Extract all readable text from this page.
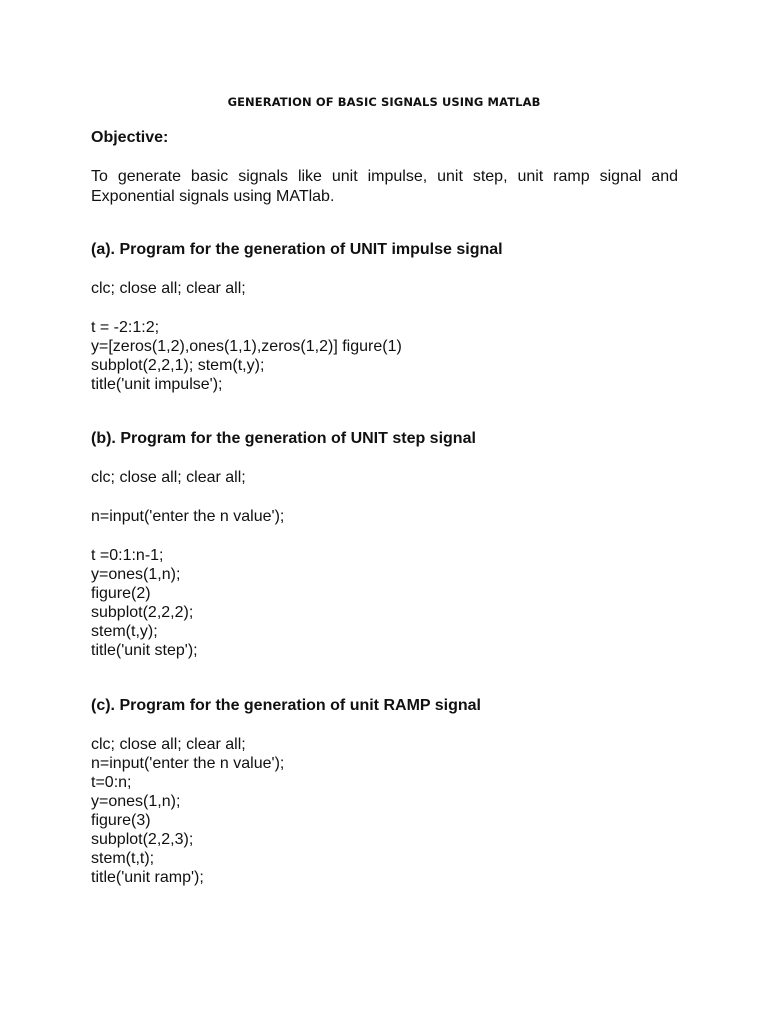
GENERATION OF BASIC SIGNALS USING MATLAB
Objective:
To generate basic signals like unit impulse, unit step, unit ramp signal and Exponential signals using MATlab.
(a). Program for the generation of UNIT impulse signal
clc; close all; clear all;
t = -2:1:2;
y=[zeros(1,2),ones(1,1),zeros(1,2)] figure(1)
subplot(2,2,1); stem(t,y);
title('unit impulse');
(b). Program for the generation of UNIT step signal
clc; close all; clear all;
n=input('enter the n value');
t =0:1:n-1;
y=ones(1,n);
figure(2)
subplot(2,2,2);
stem(t,y);
title('unit step');
(c). Program for the generation of unit RAMP signal
clc; close all; clear all;
n=input('enter the n value');
t=0:n;
y=ones(1,n);
figure(3)
subplot(2,2,3);
stem(t,t);
title('unit ramp');
